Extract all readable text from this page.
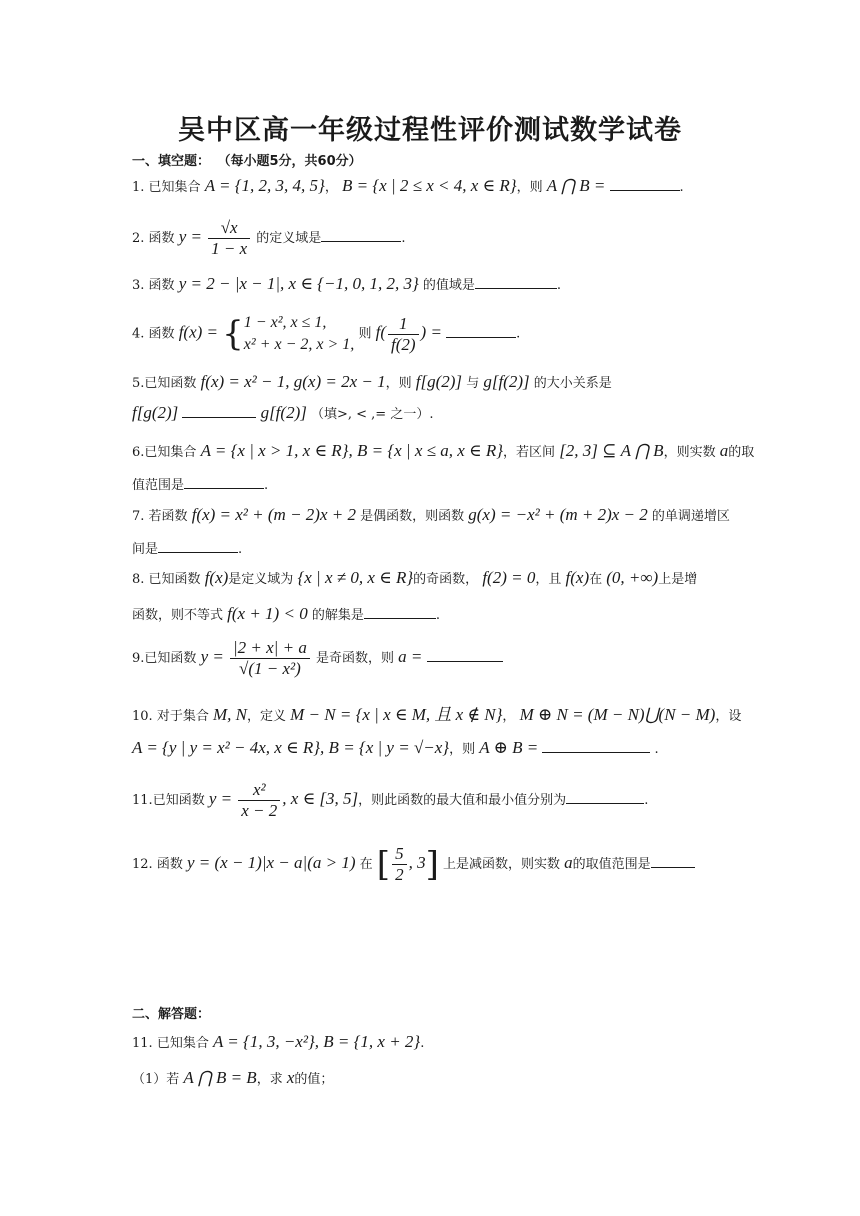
吴中区高一年级过程性评价测试数学试卷
一、填空题： （每小题5分，共60分）
1. 已知集合 A = {1, 2, 3, 4, 5}， B = {x | 2 ≤ x < 4, x ∈ R}，则 A ⋂ B =	.
2. 函数 $y = \frac{√x}{1 - x}$ 的定义域是	.
3. 函数 y = 2 − |x − 1|, x ∈ {−1, 0, 1, 2, 3} 的值域是	.
4. 函数 f(x) = { 1 − x², x ≤ 1,
x² + x − 2, x > 1,
则 $f( \frac{1}{f(2)}$ ) =	.
5.已知函数 f(x) = x² − 1, g(x) = 2x − 1，则 f[g(2)] 与 g[f(2)] 的大小关系是
f[g(2)]	g[f(2)] （填>, < ,= 之一）.
6.已知集合 A = {x | x > 1, x ∈ R}, B = {x | x ≤ a, x ∈ R}，若区间 [2, 3] ⊆ A ⋂ B，则实数 a的取
值范围是	.
7. 若函数 f(x) = x² + (m − 2)x + 2 是偶函数，则函数 g(x) = −x² + (m + 2)x − 2 的单调递增区
间是	.
8. 已知函数 f(x)是定义域为 {x | x ≠ 0, x ∈ R}的奇函数， f(2) = 0，且 f(x)在 (0, +∞)上是增
函数，则不等式 f(x + 1) < 0 的解集是	.
9.已知函数 $y = \frac{|2 + x| + a}{\text{√(1 − x²)}}$ 是奇函数，则 a =
10. 对于集合 M, N，定义 M − N = {x | x ∈ M, 且 x ∉ N}， M ⊕ N = (M − N)⋃(N − M)，设
A = {y | y = x² − 4x, x ∈ R}, B = {x | y = √−x}，则 A ⊕ B =	.
11.已知函数 $y = \frac{\text{x²}}{x - 2}$ , x ∈ [3, 5]，则此函数的最大值和最小值分别为	.
12. 函数 y = (x − 1)|x − a|(a > 1) 在 [ $\frac{5}{2}$ , 3] 上是减函数，则实数 a的取值范围是
二、解答题：
11. 已知集合 A = {1, 3, −x²}, B = {1, x + 2}.
（1）若 A ⋂ B = B，求 x的值；
